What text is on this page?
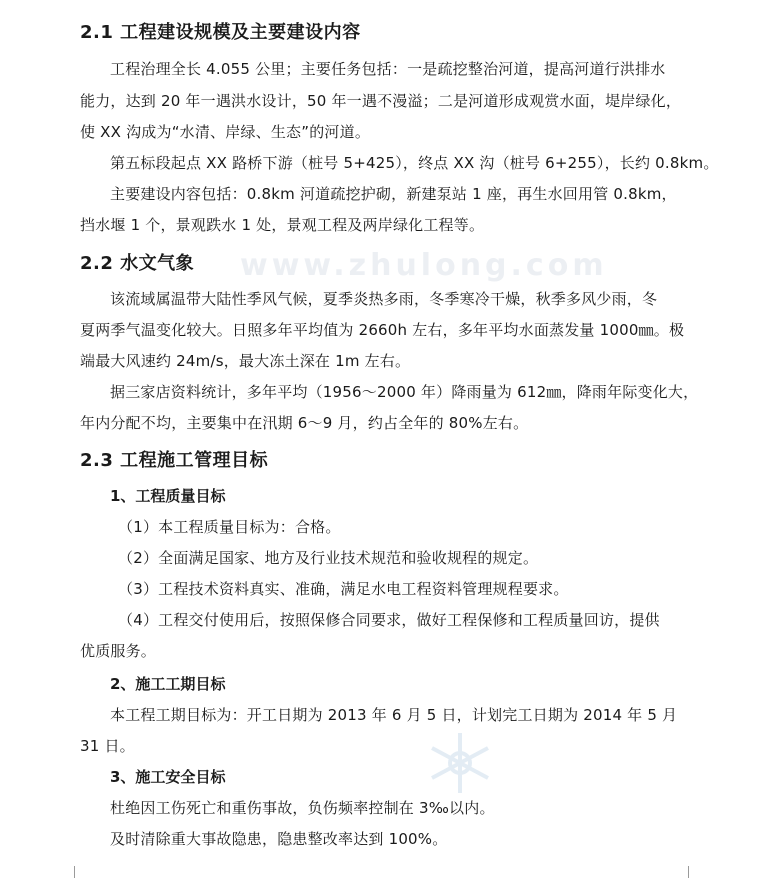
www.zhulong.com
2.1 工程建设规模及主要建设内容
工程治理全长 4.055 公里；主要任务包括：一是疏挖整治河道，提高河道行洪排水
能力，达到 20 年一遇洪水设计，50 年一遇不漫溢；二是河道形成观赏水面，堤岸绿化，
使 XX 沟成为“水清、岸绿、生态”的河道。
第五标段起点 XX 路桥下游（桩号 5+425），终点 XX 沟（桩号 6+255），长约 0.8km。
主要建设内容包括：0.8km 河道疏挖护砌，新建泵站 1 座，再生水回用管 0.8km，
挡水堰 1 个，景观跌水 1 处，景观工程及两岸绿化工程等。
2.2 水文气象
该流域属温带大陆性季风气候，夏季炎热多雨，冬季寒冷干燥，秋季多风少雨，冬
夏两季气温变化较大。日照多年平均值为 2660h 左右，多年平均水面蒸发量 1000㎜。极
端最大风速约 24m/s，最大冻土深在 1m 左右。
据三家店资料统计，多年平均（1956～2000 年）降雨量为 612㎜，降雨年际变化大，
年内分配不均，主要集中在汛期 6～9 月，约占全年的 80%左右。
2.3 工程施工管理目标
1、工程质量目标
（1）本工程质量目标为：合格。
（2）全面满足国家、地方及行业技术规范和验收规程的规定。
（3）工程技术资料真实、准确，满足水电工程资料管理规程要求。
（4）工程交付使用后，按照保修合同要求，做好工程保修和工程质量回访，提供
优质服务。
2、施工工期目标
本工程工期目标为：开工日期为 2013 年 6 月 5 日，计划完工日期为 2014 年 5 月
31 日。
3、施工安全目标
杜绝因工伤死亡和重伤事故，负伤频率控制在 3‰以内。
及时清除重大事故隐患，隐患整改率达到 100%。
